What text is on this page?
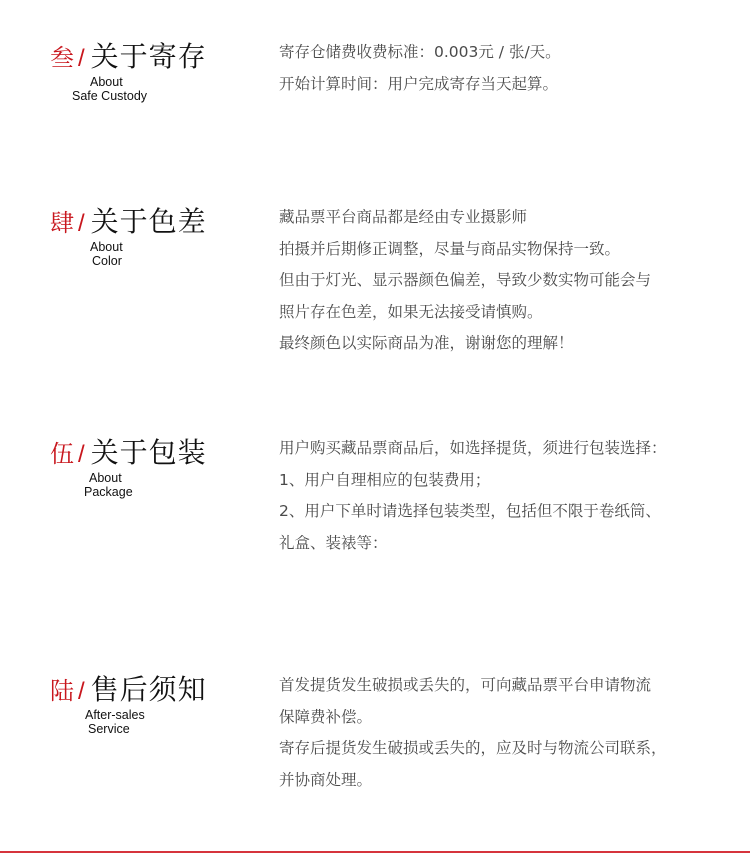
叁 / 关于寄存
About
Safe Custody
寄存仓储费收费标准：0.003元 / 张/天。
开始计算时间：用户完成寄存当天起算。
肆 / 关于色差
About
Color
藏品票平台商品都是经由专业摄影师
拍摄并后期修正调整，尽量与商品实物保持一致。
但由于灯光、显示器颜色偏差，导致少数实物可能会与
照片存在色差，如果无法接受请慎购。
最终颜色以实际商品为准，谢谢您的理解！
伍 / 关于包装
About
Package
用户购买藏品票商品后，如选择提货，须进行包装选择：
1、用户自理相应的包装费用；
2、用户下单时请选择包装类型，包括但不限于卷纸筒、
礼盒、装裱等：
陆 / 售后须知
After-sales
Service
首发提货发生破损或丢失的，可向藏品票平台申请物流
保障费补偿。
寄存后提货发生破损或丢失的，应及时与物流公司联系，
并协商处理。
